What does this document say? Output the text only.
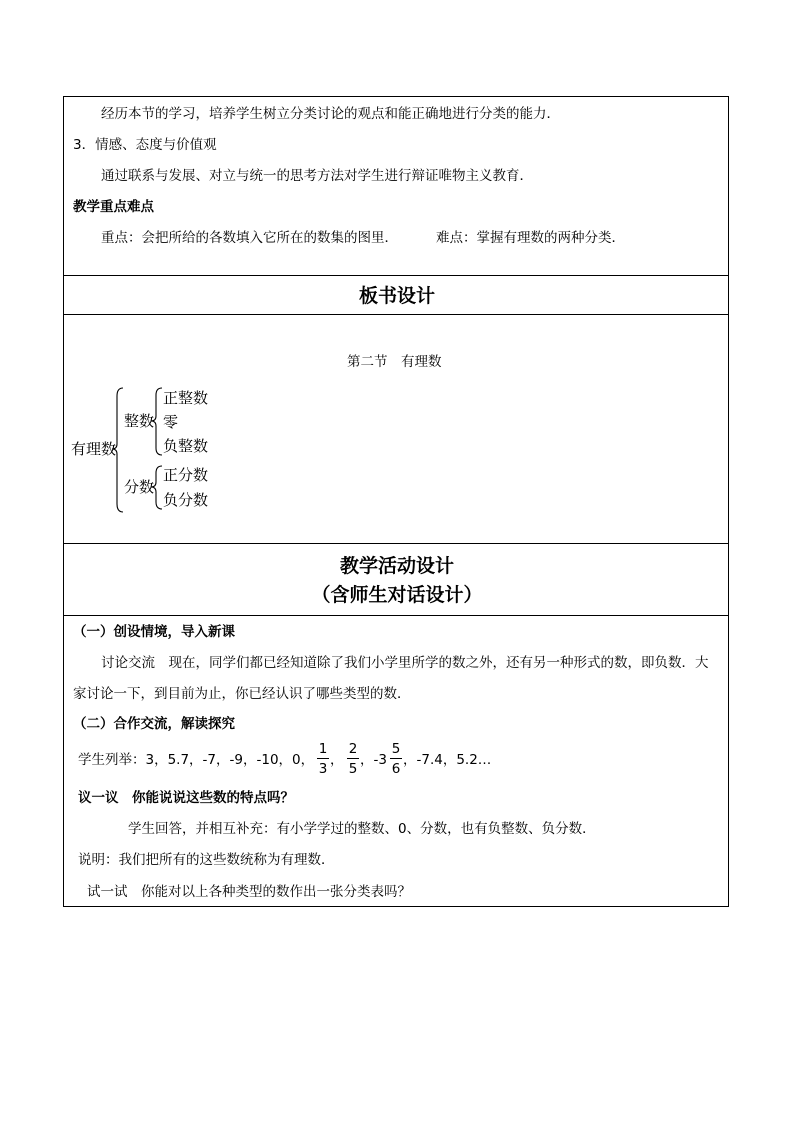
经历本节的学习，培养学生树立分类讨论的观点和能正确地进行分类的能力．
3．情感、态度与价值观
通过联系与发展、对立与统一的思考方法对学生进行辩证唯物主义教育．
教学重点难点
重点：会把所给的各数填入它所在的数集的图里．	难点：掌握有理数的两种分类．
板书设计
第二节　有理数
有理数
整数
正整数
零
负整数
分数
正分数
负分数
教学活动设计
（含师生对话设计）
（一）创设情境，导入新课
讨论交流　现在，同学们都已经知道除了我们小学里所学的数之外，还有另一种形式的数，即负数．大
家讨论一下，到目前为止，你已经认识了哪些类型的数．
（二）合作交流，解读探究
学生列举：3，5.7，-7，-9，-10，0，
1
3
，
2
5
，-3
5
6
，-7.4，5.2…
议一议　你能说说这些数的特点吗？
学生回答，并相互补充：有小学学过的整数、0、分数，也有负整数、负分数．
说明：我们把所有的这些数统称为有理数．
试一试　你能对以上各种类型的数作出一张分类表吗？
